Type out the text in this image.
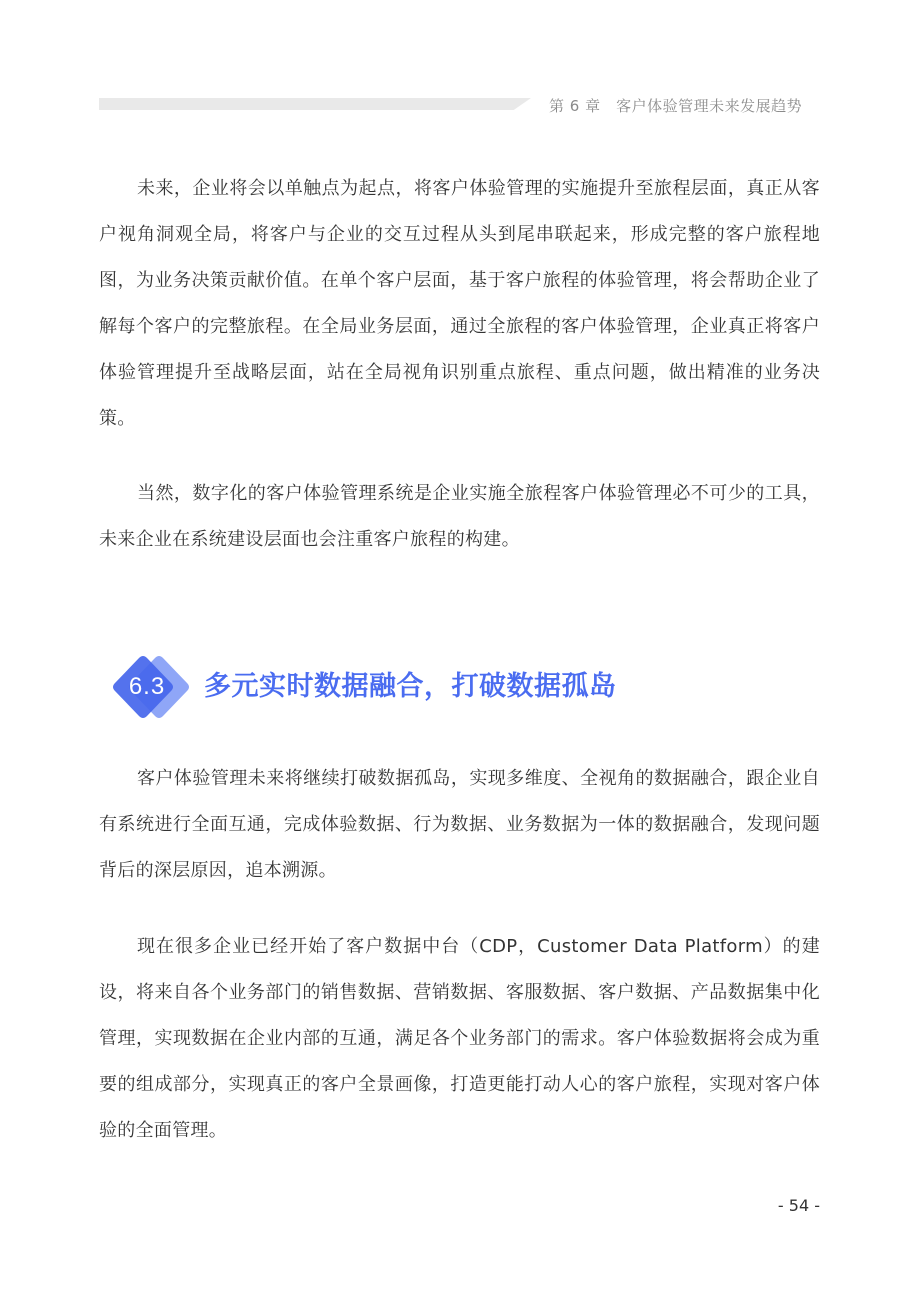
第 6 章　客户体验管理未来发展趋势

未来，企业将会以单触点为起点，将客户体验管理的实施提升至旅程层面，真正从客户视角洞观全局，将客户与企业的交互过程从头到尾串联起来，形成完整的客户旅程地图，为业务决策贡献价值。在单个客户层面，基于客户旅程的体验管理，将会帮助企业了解每个客户的完整旅程。在全局业务层面，通过全旅程的客户体验管理，企业真正将客户体验管理提升至战略层面，站在全局视角识别重点旅程、重点问题，做出精准的业务决策。

当然，数字化的客户体验管理系统是企业实施全旅程客户体验管理必不可少的工具，未来企业在系统建设层面也会注重客户旅程的构建。

6.3	多元实时数据融合，打破数据孤岛

客户体验管理未来将继续打破数据孤岛，实现多维度、全视角的数据融合，跟企业自有系统进行全面互通，完成体验数据、行为数据、业务数据为一体的数据融合，发现问题背后的深层原因，追本溯源。

现在很多企业已经开始了客户数据中台（CDP，Customer Data Platform）的建设，将来自各个业务部门的销售数据、营销数据、客服数据、客户数据、产品数据集中化管理，实现数据在企业内部的互通，满足各个业务部门的需求。客户体验数据将会成为重要的组成部分，实现真正的客户全景画像，打造更能打动人心的客户旅程，实现对客户体验的全面管理。

- 54 -
